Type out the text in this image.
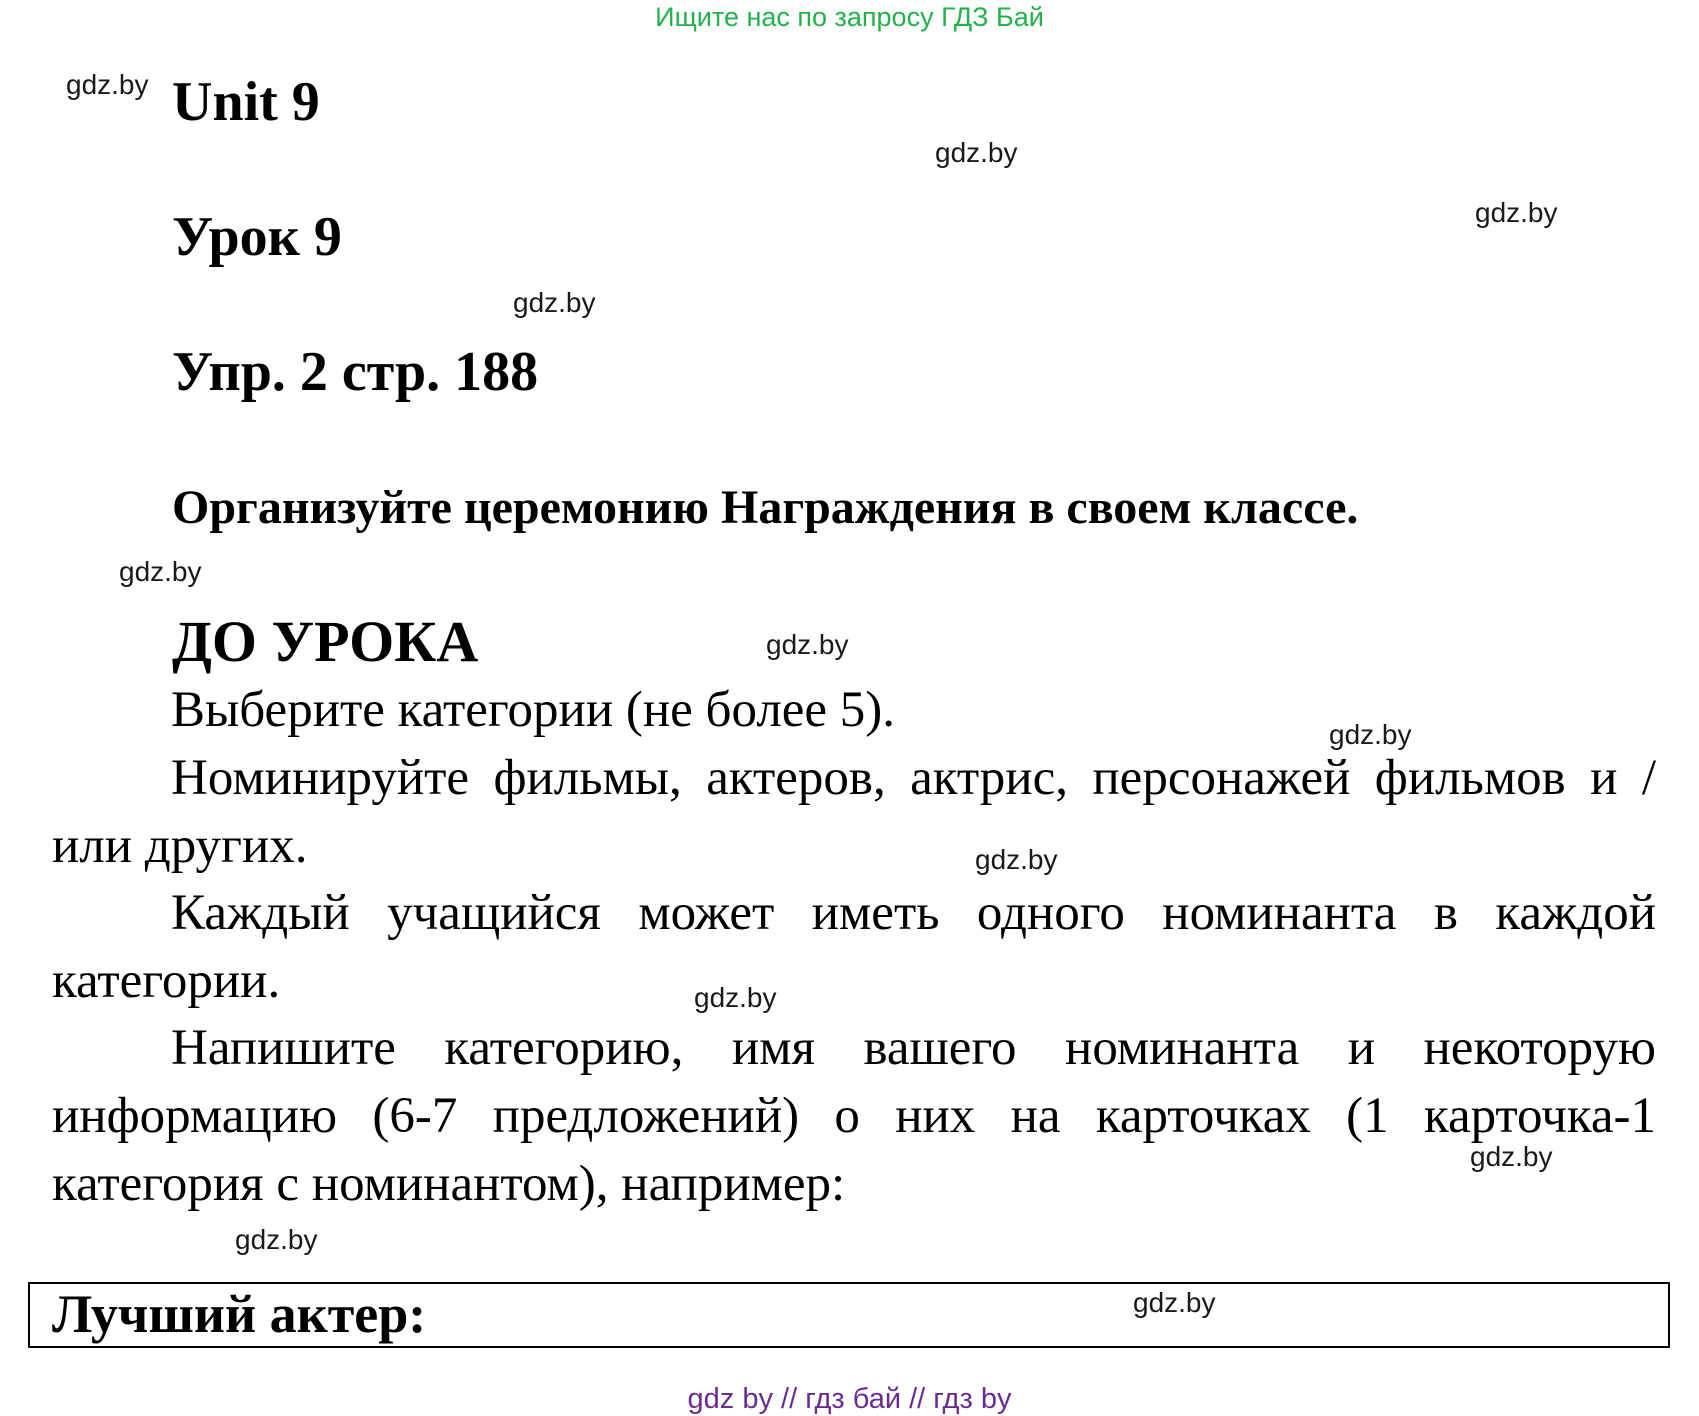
Ищите нас по запросу ГДЗ Бай
gdz.by
gdz.by
gdz.by
gdz.by
gdz.by
gdz.by
gdz.by
gdz.by
gdz.by
gdz.by
gdz.by
gdz.by
Unit 9
Урок 9
Упр. 2 стр. 188
Организуйте церемонию Награждения в своем классе.
ДО УРОКА
Выберите категории (не более 5).
Номинируйте фильмы, актеров, актрис, персонажей фильмов и / или других.
Каждый учащийся может иметь одного номинанта в каждой категории.
Напишите категорию, имя вашего номинанта и некоторую информацию (6-7 предложений) о них на карточках (1 карточка-1 категория с номинантом), например:
Лучший актер:
gdz by // гдз бай // гдз by
